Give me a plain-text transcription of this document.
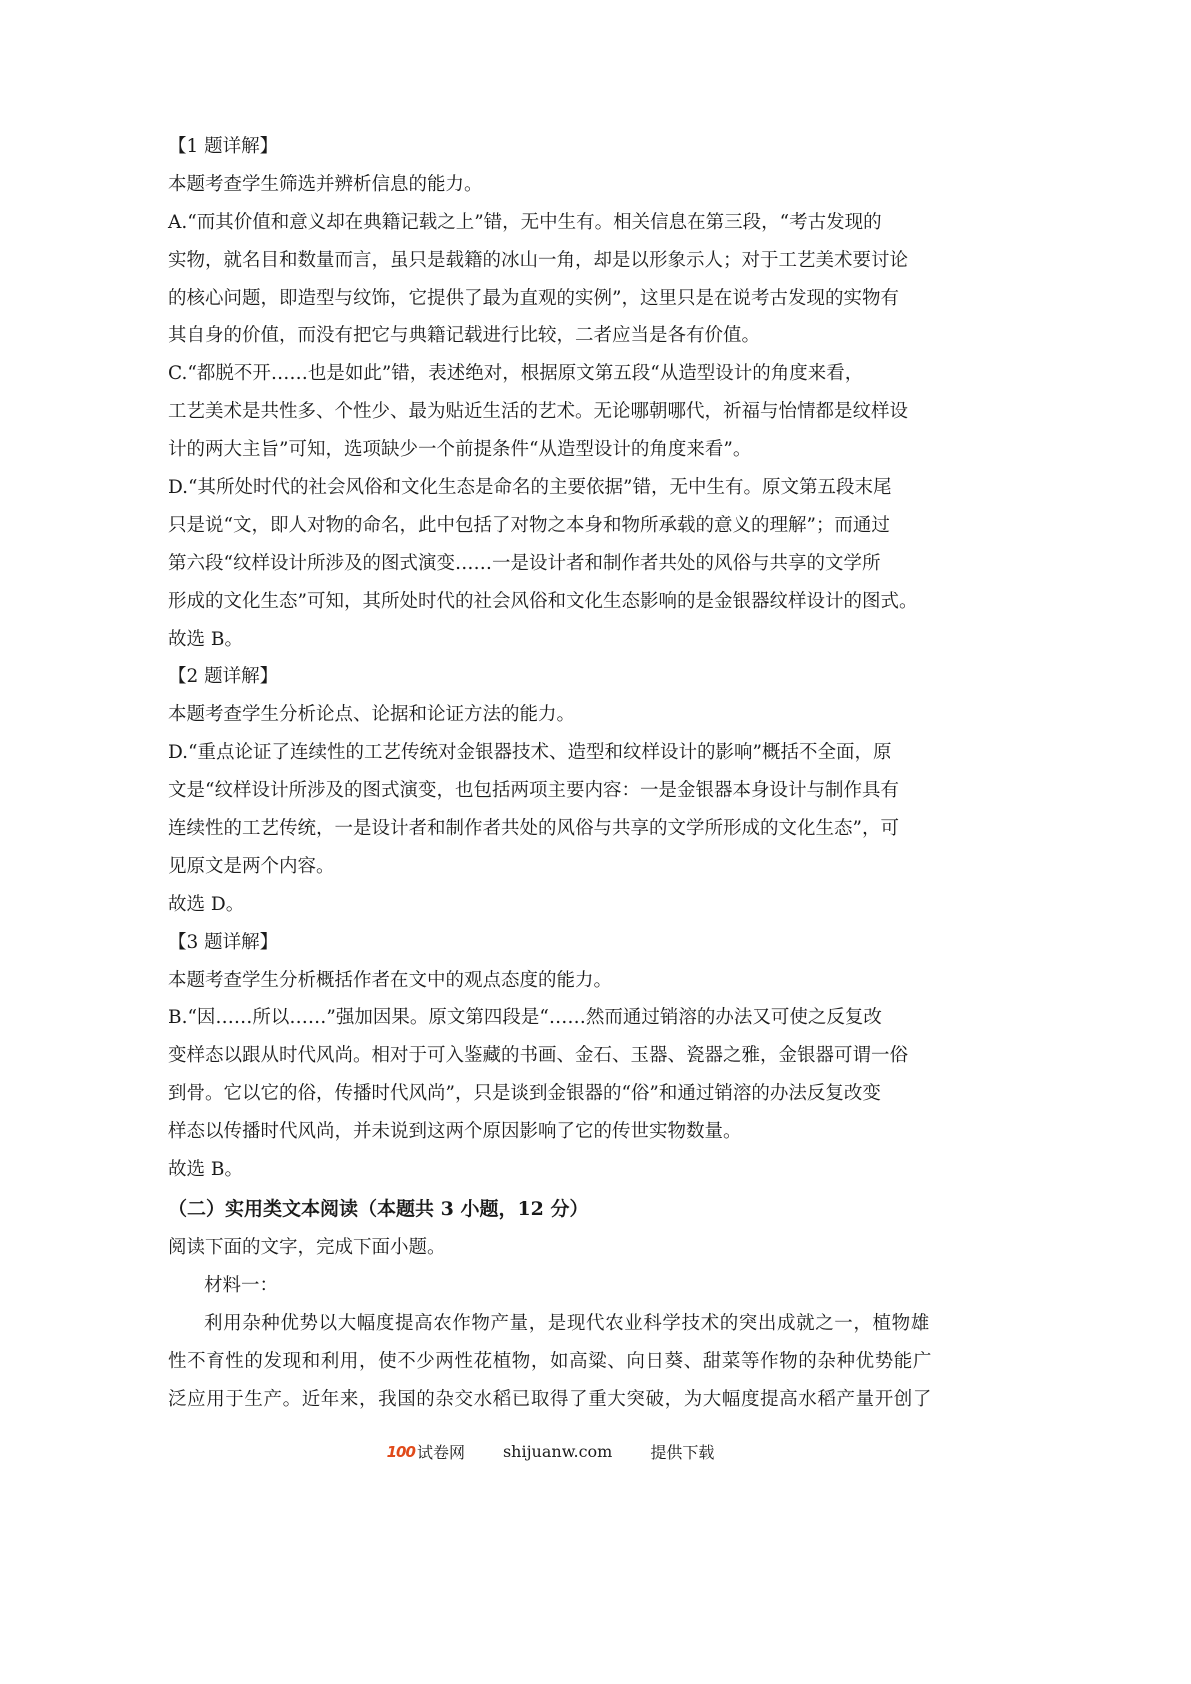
【1 题详解】
本题考查学生筛选并辨析信息的能力。
A.“而其价值和意义却在典籍记载之上”错，无中生有。相关信息在第三段，“考古发现的
实物，就名目和数量而言，虽只是载籍的冰山一角，却是以形象示人；对于工艺美术要讨论
的核心问题，即造型与纹饰，它提供了最为直观的实例”，这里只是在说考古发现的实物有
其自身的价值，而没有把它与典籍记载进行比较，二者应当是各有价值。
C.“都脱不开……也是如此”错，表述绝对，根据原文第五段“从造型设计的角度来看，
工艺美术是共性多、个性少、最为贴近生活的艺术。无论哪朝哪代，祈福与怡情都是纹样设
计的两大主旨”可知，选项缺少一个前提条件“从造型设计的角度来看”。
D.“其所处时代的社会风俗和文化生态是命名的主要依据”错，无中生有。原文第五段末尾
只是说“文，即人对物的命名，此中包括了对物之本身和物所承载的意义的理解”；而通过
第六段“纹样设计所涉及的图式演变……一是设计者和制作者共处的风俗与共享的文学所
形成的文化生态”可知，其所处时代的社会风俗和文化生态影响的是金银器纹样设计的图式。
故选 B。
【2 题详解】
本题考查学生分析论点、论据和论证方法的能力。
D.“重点论证了连续性的工艺传统对金银器技术、造型和纹样设计的影响”概括不全面，原
文是“纹样设计所涉及的图式演变，也包括两项主要内容：一是金银器本身设计与制作具有
连续性的工艺传统，一是设计者和制作者共处的风俗与共享的文学所形成的文化生态”，可
见原文是两个内容。
故选 D。
【3 题详解】
本题考查学生分析概括作者在文中的观点态度的能力。
B.“因……所以……”强加因果。原文第四段是“……然而通过销溶的办法又可使之反复改
变样态以跟从时代风尚。相对于可入鉴藏的书画、金石、玉器、瓷器之雅，金银器可谓一俗
到骨。它以它的俗，传播时代风尚”，只是谈到金银器的“俗”和通过销溶的办法反复改变
样态以传播时代风尚，并未说到这两个原因影响了它的传世实物数量。
故选 B。
（二）实用类文本阅读（本题共 3 小题，12 分）
阅读下面的文字，完成下面小题。
材料一：
利用杂种优势以大幅度提高农作物产量，是现代农业科学技术的突出成就之一，植物雄
性不育性的发现和利用，使不少两性花植物，如高粱、向日葵、甜菜等作物的杂种优势能广
泛应用于生产。近年来，我国的杂交水稻已取得了重大突破，为大幅度提高水稻产量开创了
100 试卷网 shijuanw.com 提供下载
